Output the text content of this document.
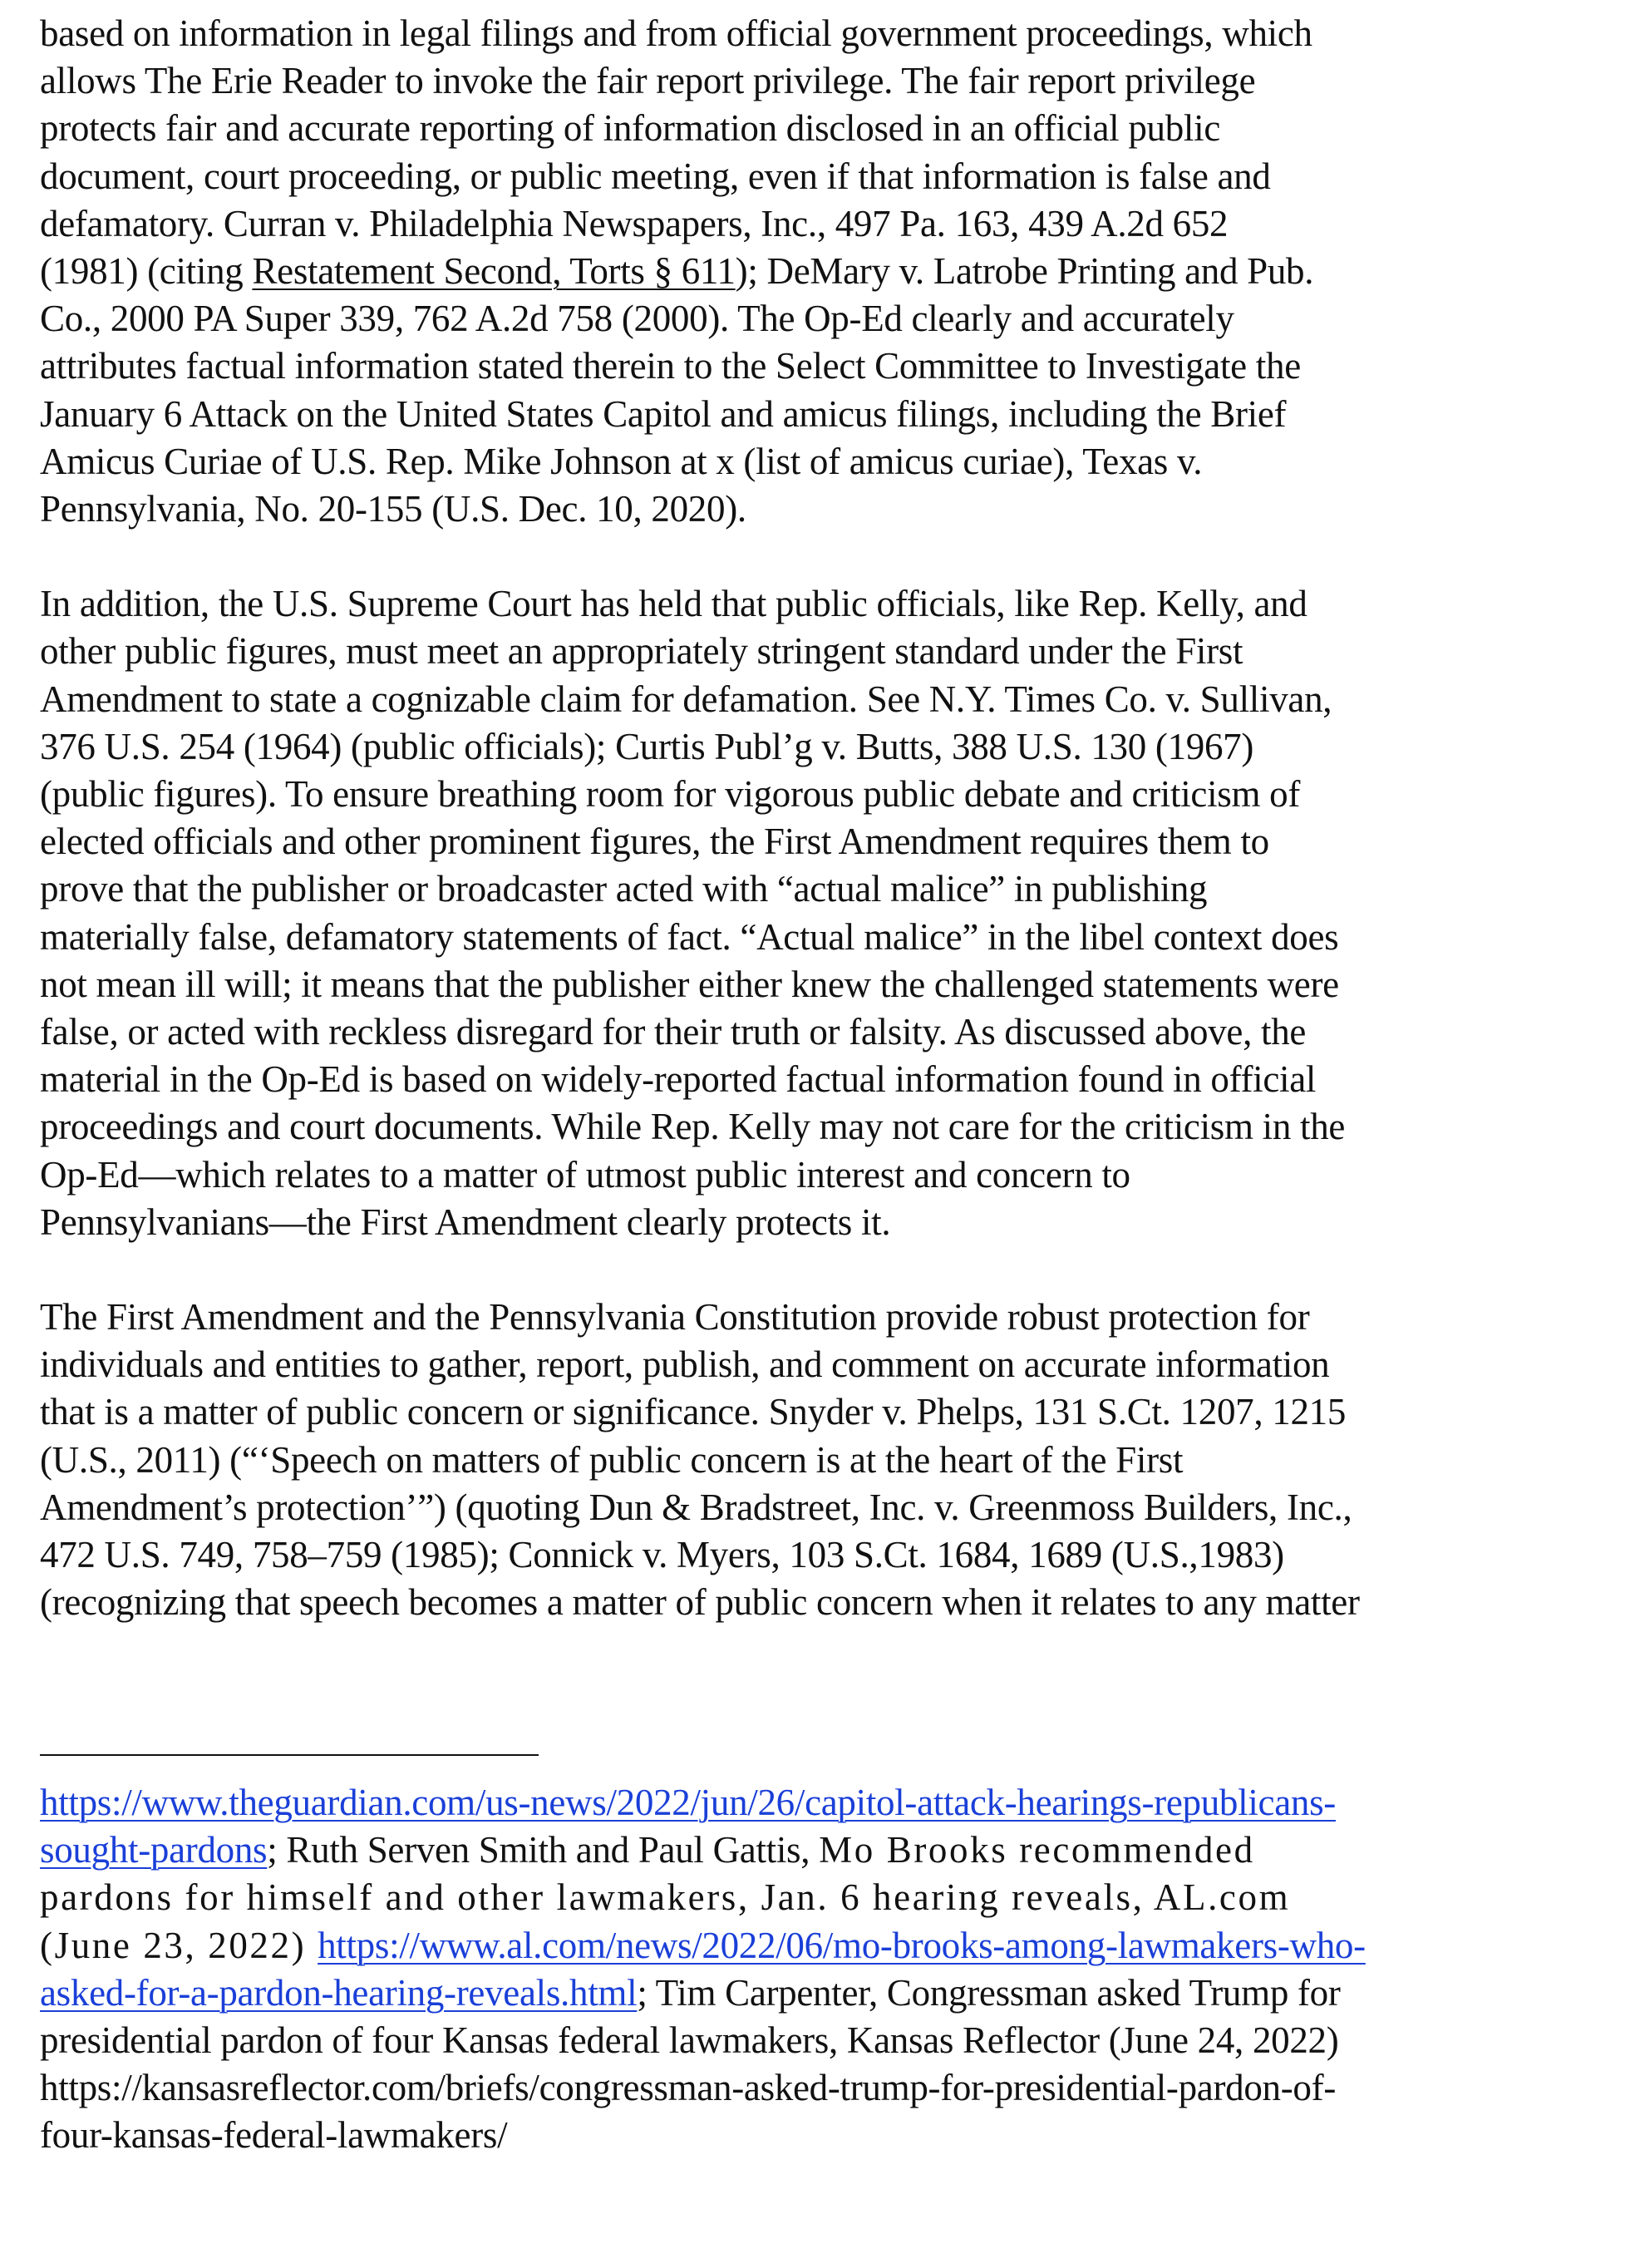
based on information in legal filings and from official government proceedings, which
allows The Erie Reader to invoke the fair report privilege. The fair report privilege
protects fair and accurate reporting of information disclosed in an official public
document, court proceeding, or public meeting, even if that information is false and
defamatory. Curran v. Philadelphia Newspapers, Inc., 497 Pa. 163, 439 A.2d 652
(1981) (citing Restatement Second, Torts § 611); DeMary v. Latrobe Printing and Pub.
Co., 2000 PA Super 339, 762 A.2d 758 (2000). The Op-Ed clearly and accurately
attributes factual information stated therein to the Select Committee to Investigate the
January 6 Attack on the United States Capitol and amicus filings, including the Brief
Amicus Curiae of U.S. Rep. Mike Johnson at x (list of amicus curiae), Texas v.
Pennsylvania, No. 20-155 (U.S. Dec. 10, 2020).
In addition, the U.S. Supreme Court has held that public officials, like Rep. Kelly, and
other public figures, must meet an appropriately stringent standard under the First
Amendment to state a cognizable claim for defamation. See N.Y. Times Co. v. Sullivan,
376 U.S. 254 (1964) (public officials); Curtis Publ’g v. Butts, 388 U.S. 130 (1967)
(public figures). To ensure breathing room for vigorous public debate and criticism of
elected officials and other prominent figures, the First Amendment requires them to
prove that the publisher or broadcaster acted with “actual malice” in publishing
materially false, defamatory statements of fact. “Actual malice” in the libel context does
not mean ill will; it means that the publisher either knew the challenged statements were
false, or acted with reckless disregard for their truth or falsity. As discussed above, the
material in the Op-Ed is based on widely-reported factual information found in official
proceedings and court documents. While Rep. Kelly may not care for the criticism in the
Op-Ed—which relates to a matter of utmost public interest and concern to
Pennsylvanians—the First Amendment clearly protects it.
The First Amendment and the Pennsylvania Constitution provide robust protection for
individuals and entities to gather, report, publish, and comment on accurate information
that is a matter of public concern or significance. Snyder v. Phelps, 131 S.Ct. 1207, 1215
(U.S., 2011) (“‘Speech on matters of public concern is at the heart of the First
Amendment’s protection’”) (quoting Dun & Bradstreet, Inc. v. Greenmoss Builders, Inc.,
472 U.S. 749, 758–759 (1985); Connick v. Myers, 103 S.Ct. 1684, 1689 (U.S.,1983)
(recognizing that speech becomes a matter of public concern when it relates to any matter
https://www.theguardian.com/us-news/2022/jun/26/capitol-attack-hearings-republicans-
sought-pardons; Ruth Serven Smith and Paul Gattis, Mo Brooks recommended
pardons for himself and other lawmakers, Jan. 6 hearing reveals, AL.com
(June 23, 2022) https://www.al.com/news/2022/06/mo-brooks-among-lawmakers-who-
asked-for-a-pardon-hearing-reveals.html; Tim Carpenter, Congressman asked Trump for
presidential pardon of four Kansas federal lawmakers, Kansas Reflector (June 24, 2022)
https://kansasreflector.com/briefs/congressman-asked-trump-for-presidential-pardon-of-
four-kansas-federal-lawmakers/
